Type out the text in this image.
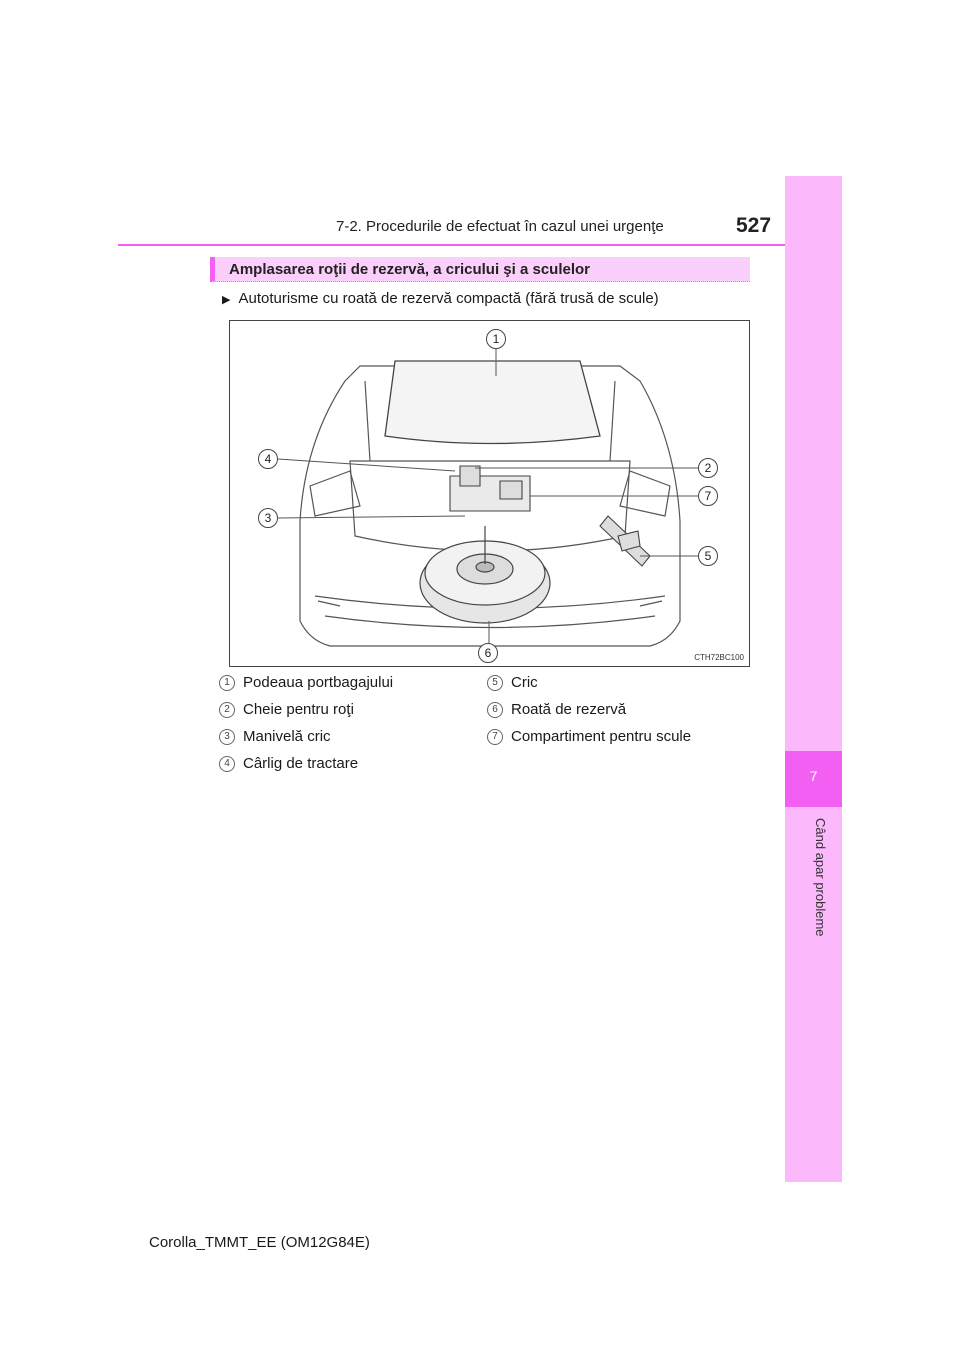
7
Când apar probleme
7-2. Procedurile de efectuat în cazul unei urgenţe	527
Amplasarea roţii de rezervă, a cricului şi a sculelor
▶ Autoturisme cu roată de rezervă compactă (fără trusă de scule)
1
4
2
7
3
5
6	CTH72BC100
1 Podeaua portbagajului
2 Cheie pentru roţi
3 Manivelă cric
4 Cârlig de tractare
5 Cric
6 Roată de rezervă
7 Compartiment pentru scule
Corolla_TMMT_EE (OM12G84E)
